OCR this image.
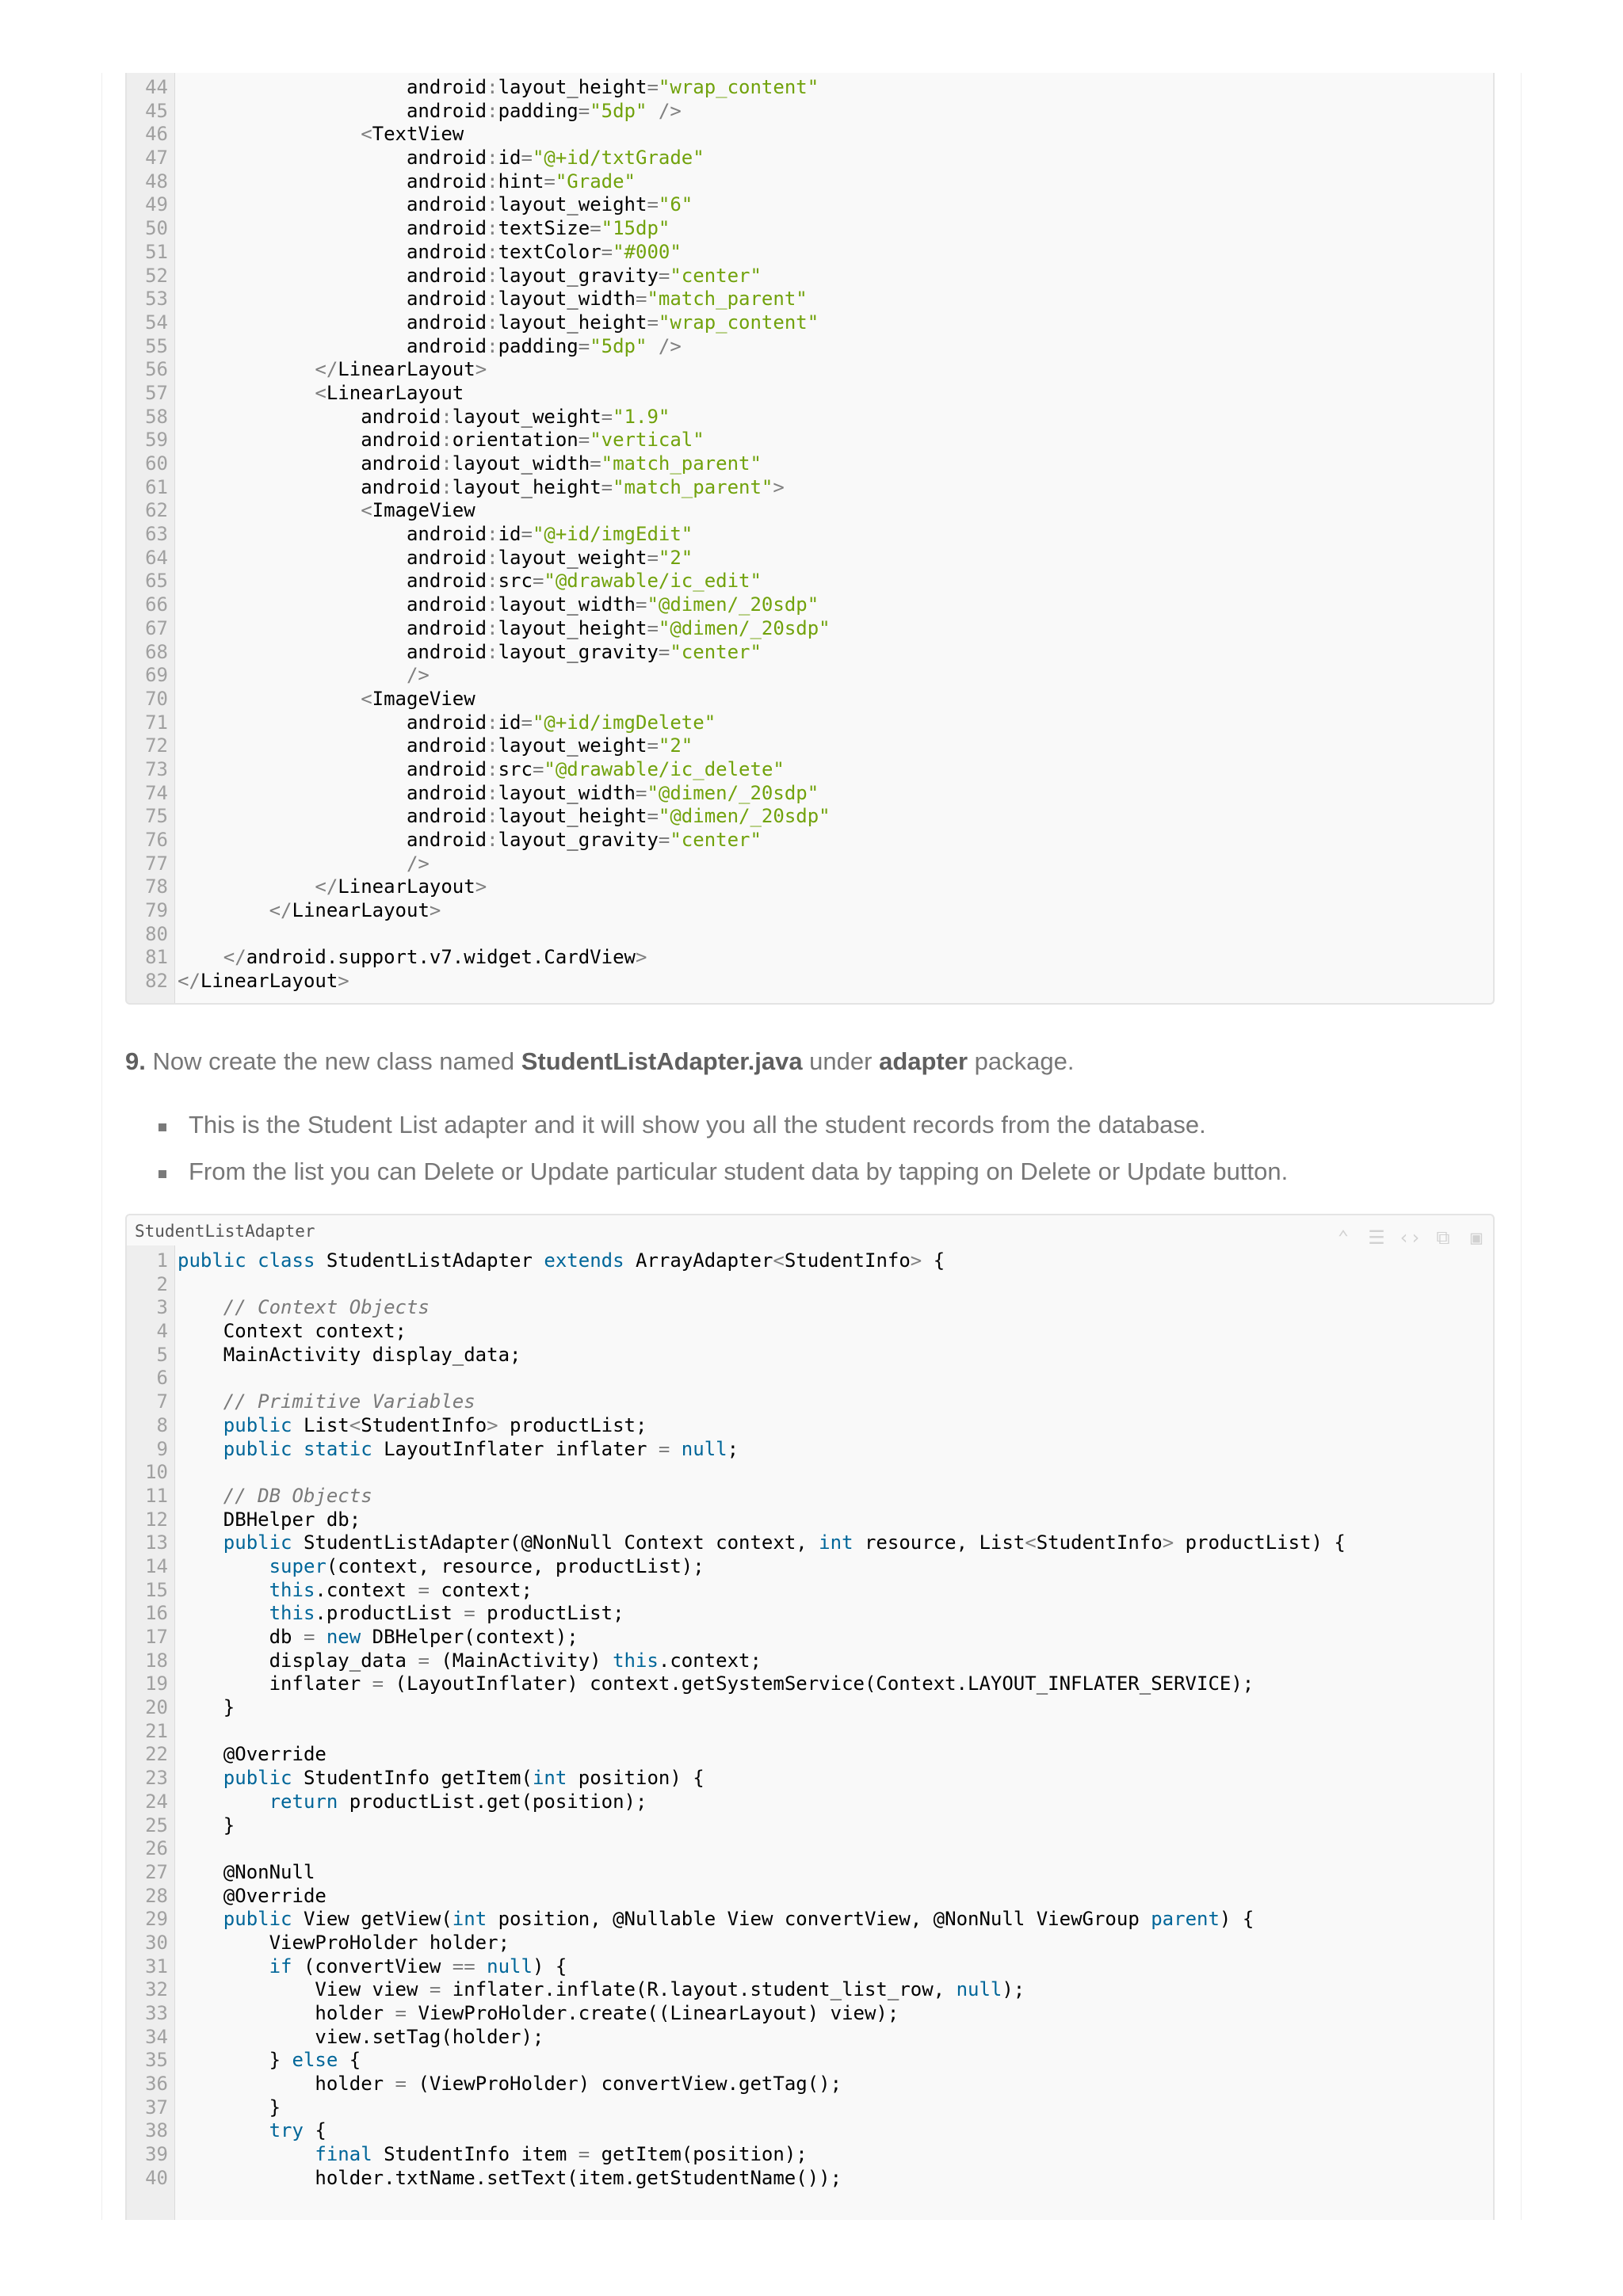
44 android:layout_height="wrap_content"
45 android:padding="5dp" />
46	<TextView
47 android:id="@+id/txtGrade"
48 android:hint="Grade"
49 android:layout_weight="6"
50 android:textSize="15dp"
51 android:textColor="#000"
52 android:layout_gravity="center"
53 android:layout_width="match_parent"
54 android:layout_height="wrap_content"
55 android:padding="5dp" />
56	</LinearLayout>
57	<LinearLayout
58 android:layout_weight="1.9"
59 android:orientation="vertical"
60 android:layout_width="match_parent"
61 android:layout_height="match_parent">
62	<ImageView
63 android:id="@+id/imgEdit"
64 android:layout_weight="2"
65 android:src="@drawable/ic_edit"
66 android:layout_width="@dimen/_20sdp"
67 android:layout_height="@dimen/_20sdp"
68 android:layout_gravity="center"
69	/>
70	<ImageView
71 android:id="@+id/imgDelete"
72 android:layout_weight="2"
73 android:src="@drawable/ic_delete"
74 android:layout_width="@dimen/_20sdp"
75 android:layout_height="@dimen/_20sdp"
76 android:layout_gravity="center"
77	/>
78	</LinearLayout>
79	</LinearLayout>
80
81	</android.support.v7.widget.CardView>
82 </LinearLayout>
9. Now create the new class named StudentListAdapter.java under adapter package.
This is the Student List adapter and it will show you all the student records from the database.
From the list you can Delete or Update particular student data by tapping on Delete or Update button.
StudentListAdapter	⌃	☰ ‹› ⧉	▣
1 public class StudentListAdapter extends ArrayAdapter<StudentInfo> {
2
3	// Context Objects
4 Context context;
5 MainActivity display_data;
6
7	// Primitive Variables
8	public List<StudentInfo> productList;
9	public static LayoutInflater inflater = null;
10
11	// DB Objects
12 DBHelper db;
13	public StudentListAdapter(@NonNull Context context, int resource, List<StudentInfo> productList) {
14	super(context, resource, productList);
15	this.context = context;
16	this.productList = productList;
17 db = new DBHelper(context);
18 display_data = (MainActivity) this.context;
19 inflater = (LayoutInflater) context.getSystemService(Context.LAYOUT_INFLATER_SERVICE);
20 }
21
22 @Override
23	public StudentInfo getItem(int position) {
24	return productList.get(position);
25 }
26
27 @NonNull
28 @Override
29	public View getView(int position, @Nullable View convertView, @NonNull ViewGroup parent) {
30 ViewProHolder holder;
31	if (convertView == null) {
32 View view = inflater.inflate(R.layout.student_list_row, null);
33 holder = ViewProHolder.create((LinearLayout) view);
34 view.setTag(holder);
35 } else {
36 holder = (ViewProHolder) convertView.getTag();
37 }
38	try {
39	final StudentInfo item = getItem(position);
40 holder.txtName.setText(item.getStudentName());
